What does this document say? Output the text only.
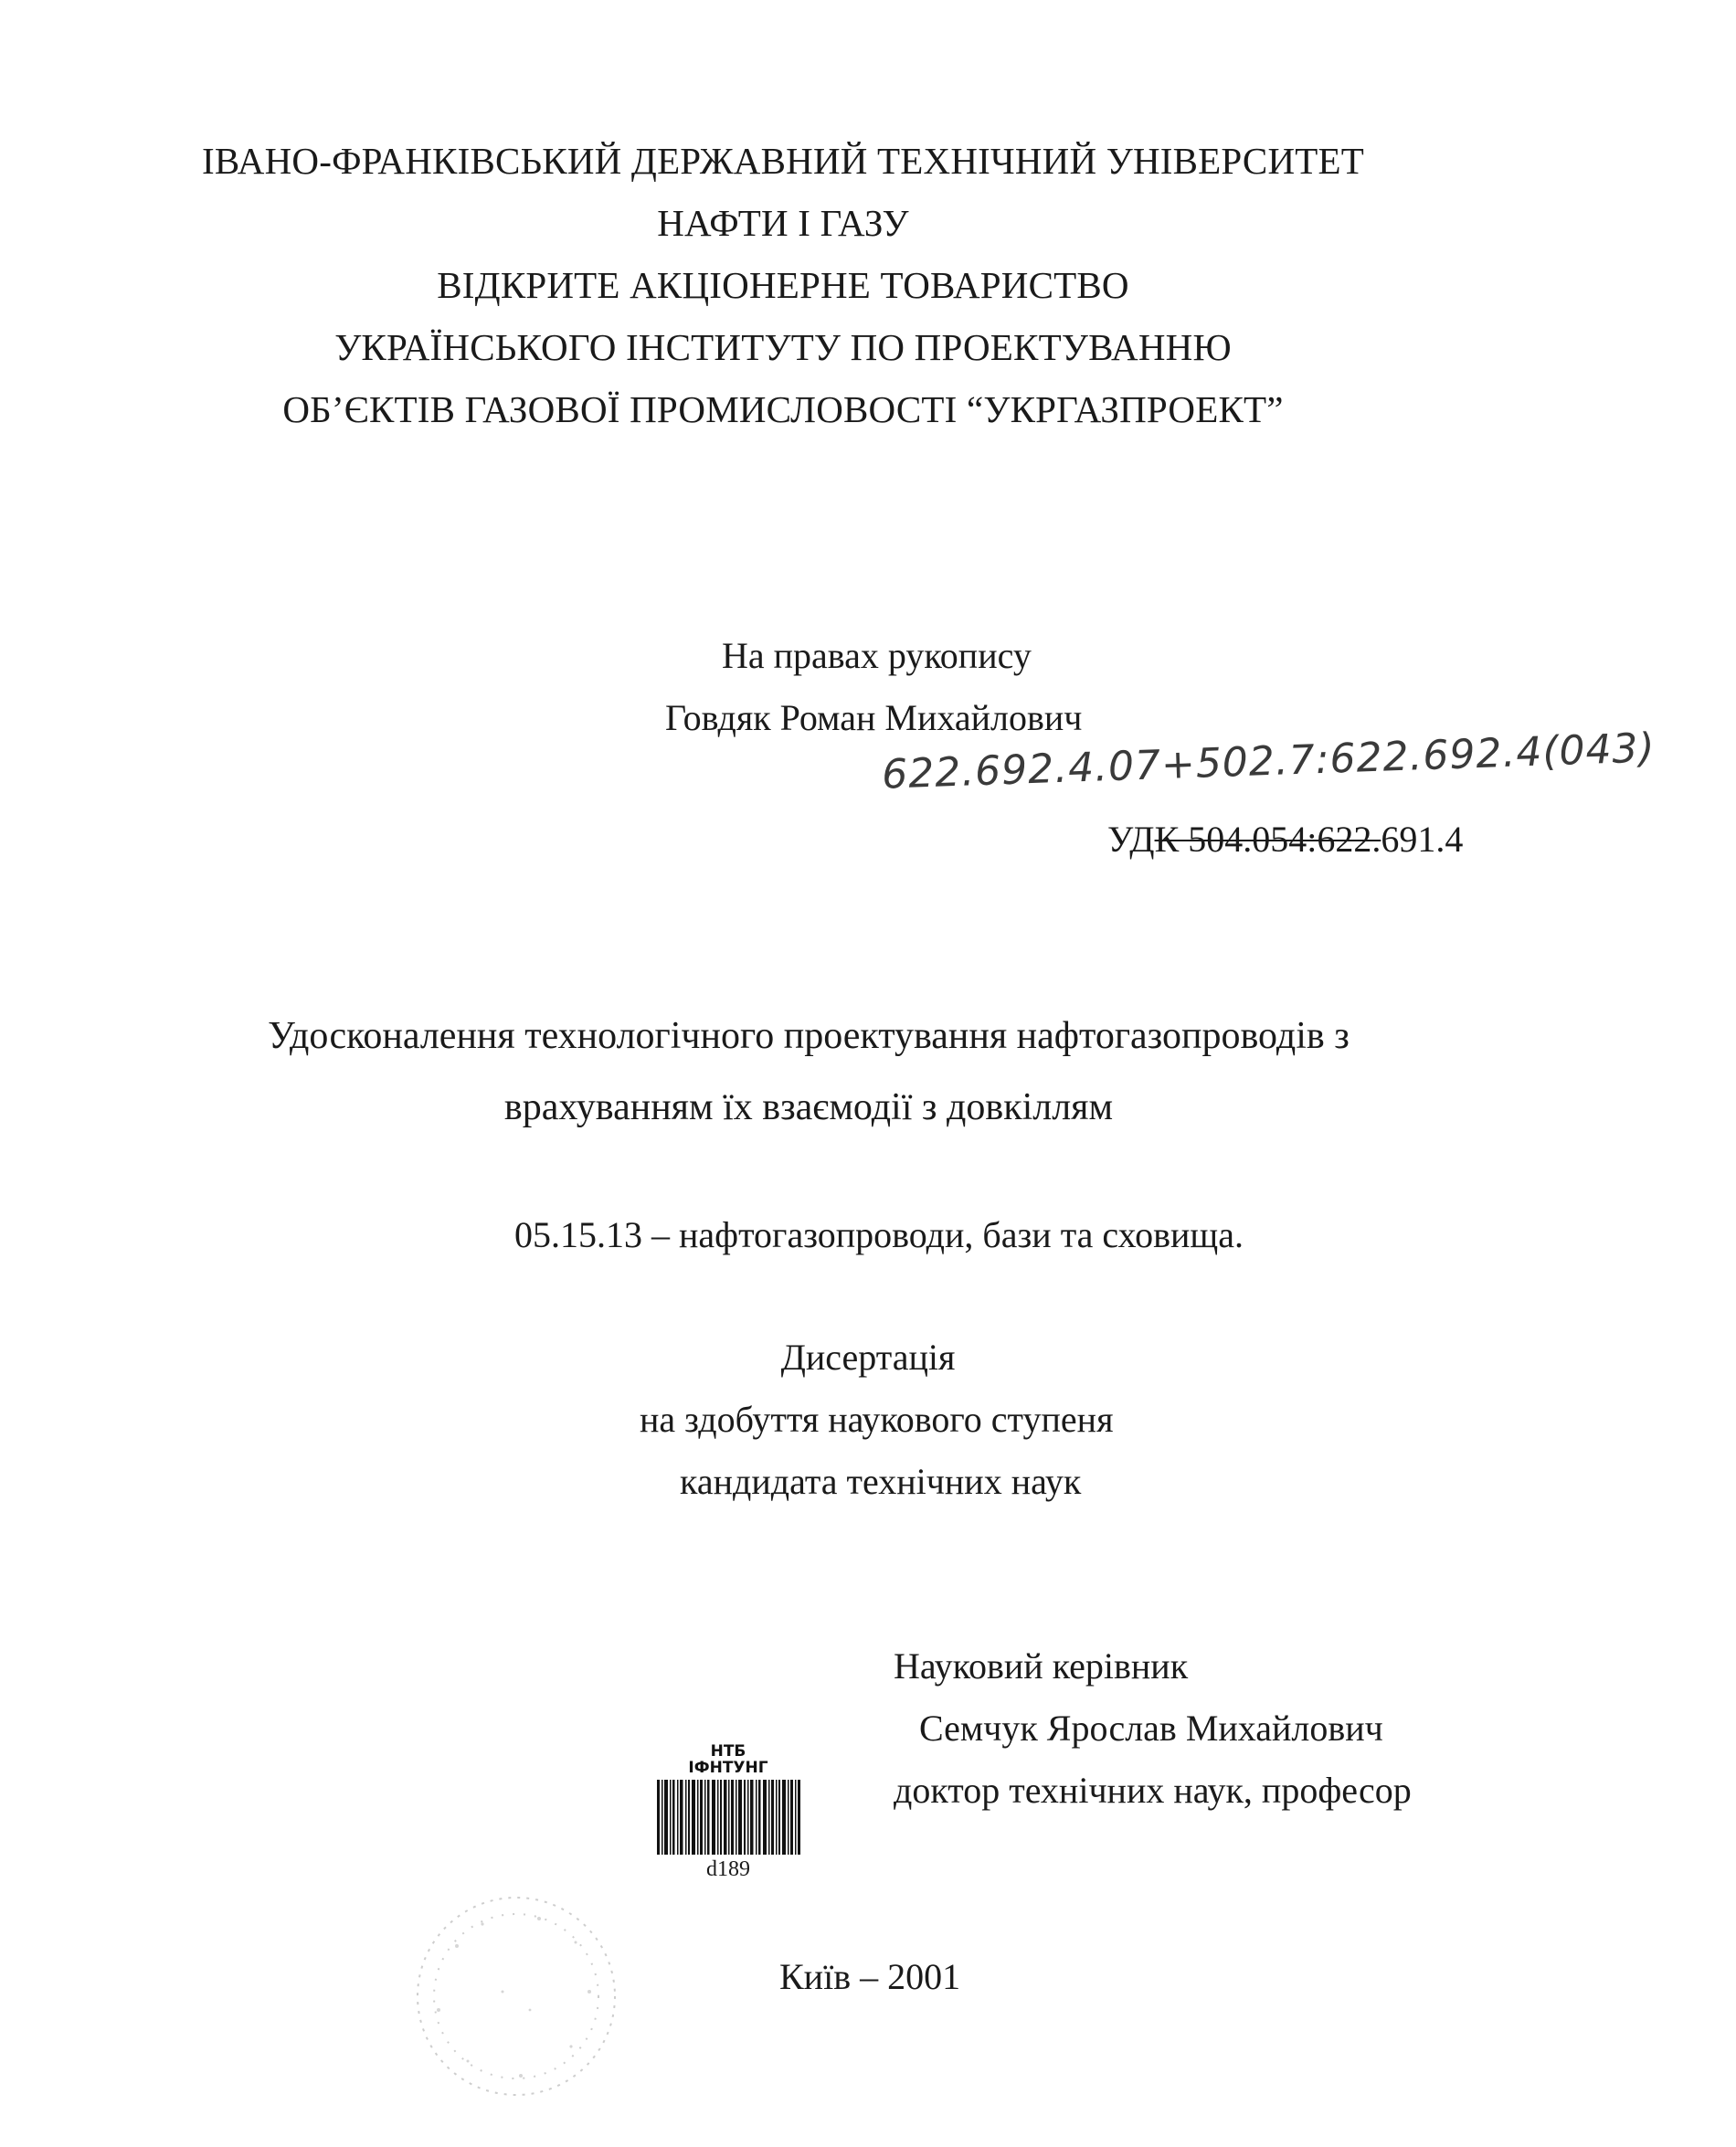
ІВАНО-ФРАНКІВСЬКИЙ ДЕРЖАВНИЙ ТЕХНІЧНИЙ УНІВЕРСИТЕТ
НАФТИ І ГАЗУ
ВІДКРИТЕ АКЦІОНЕРНЕ ТОВАРИСТВО
УКРАЇНСЬКОГО ІНСТИТУТУ ПО ПРОЕКТУВАННЮ
ОБ’ЄКТІВ ГАЗОВОЇ ПРОМИСЛОВОСТІ “УКРГАЗПРОЕКТ”
На правах рукопису
Говдяк Роман Михайлович
622.692.4.07+502.7:622.692.4(043)
УДК 504.054:622.691.4
Удосконалення технологічного проектування нафтогазопроводів з
врахуванням їх взаємодії з довкіллям
05.15.13 – нафтогазопроводи, бази та сховища.
Дисертація
на здобуття наукового ступеня
кандидата технічних наук
Науковий керівник
Семчук Ярослав Михайлович
доктор технічних наук, професор
НТБ
ІФНТУНГ
d189
Київ – 2001
